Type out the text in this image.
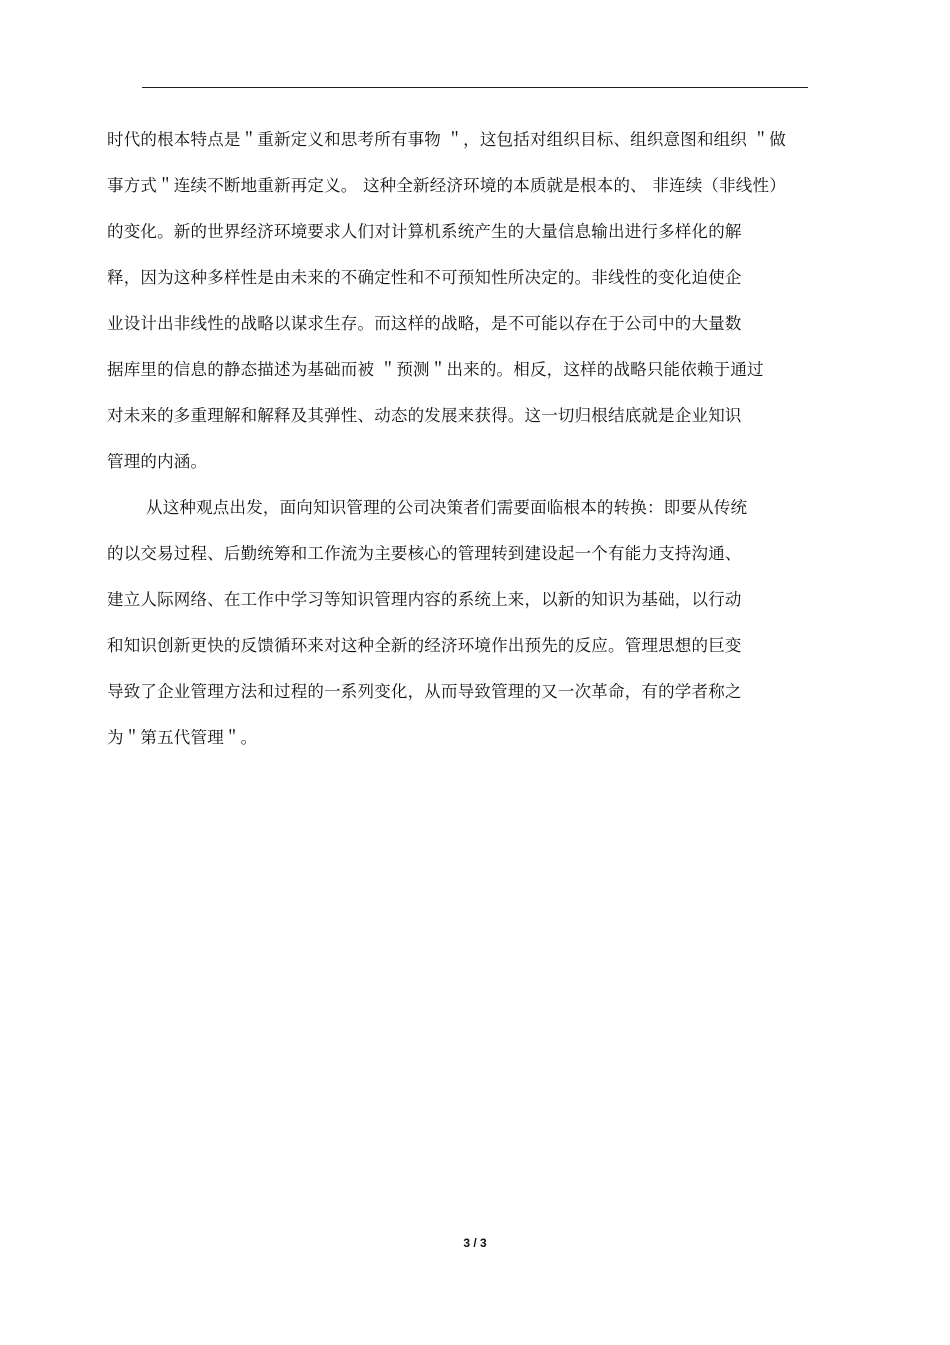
时代的根本特点是＂重新定义和思考所有事物 ＂，这包括对组织目标、组织意图和组织 ＂做
事方式＂连续不断地重新再定义。 这种全新经济环境的本质就是根本的、 非连续（非线性）
的变化。新的世界经济环境要求人们对计算机系统产生的大量信息输出进行多样化的解
释，因为这种多样性是由未来的不确定性和不可预知性所决定的。非线性的变化迫使企
业设计出非线性的战略以谋求生存。而这样的战略，是不可能以存在于公司中的大量数
据库里的信息的静态描述为基础而被 ＂预测＂出来的。相反，这样的战略只能依赖于通过
对未来的多重理解和解释及其弹性、动态的发展来获得。这一切归根结底就是企业知识
管理的内涵。
从这种观点出发，面向知识管理的公司决策者们需要面临根本的转换：即要从传统
的以交易过程、后勤统筹和工作流为主要核心的管理转到建设起一个有能力支持沟通、
建立人际网络、在工作中学习等知识管理内容的系统上来，以新的知识为基础，以行动
和知识创新更快的反馈循环来对这种全新的经济环境作出预先的反应。管理思想的巨变
导致了企业管理方法和过程的一系列变化，从而导致管理的又一次革命，有的学者称之
为＂第五代管理＂。
3 / 3
